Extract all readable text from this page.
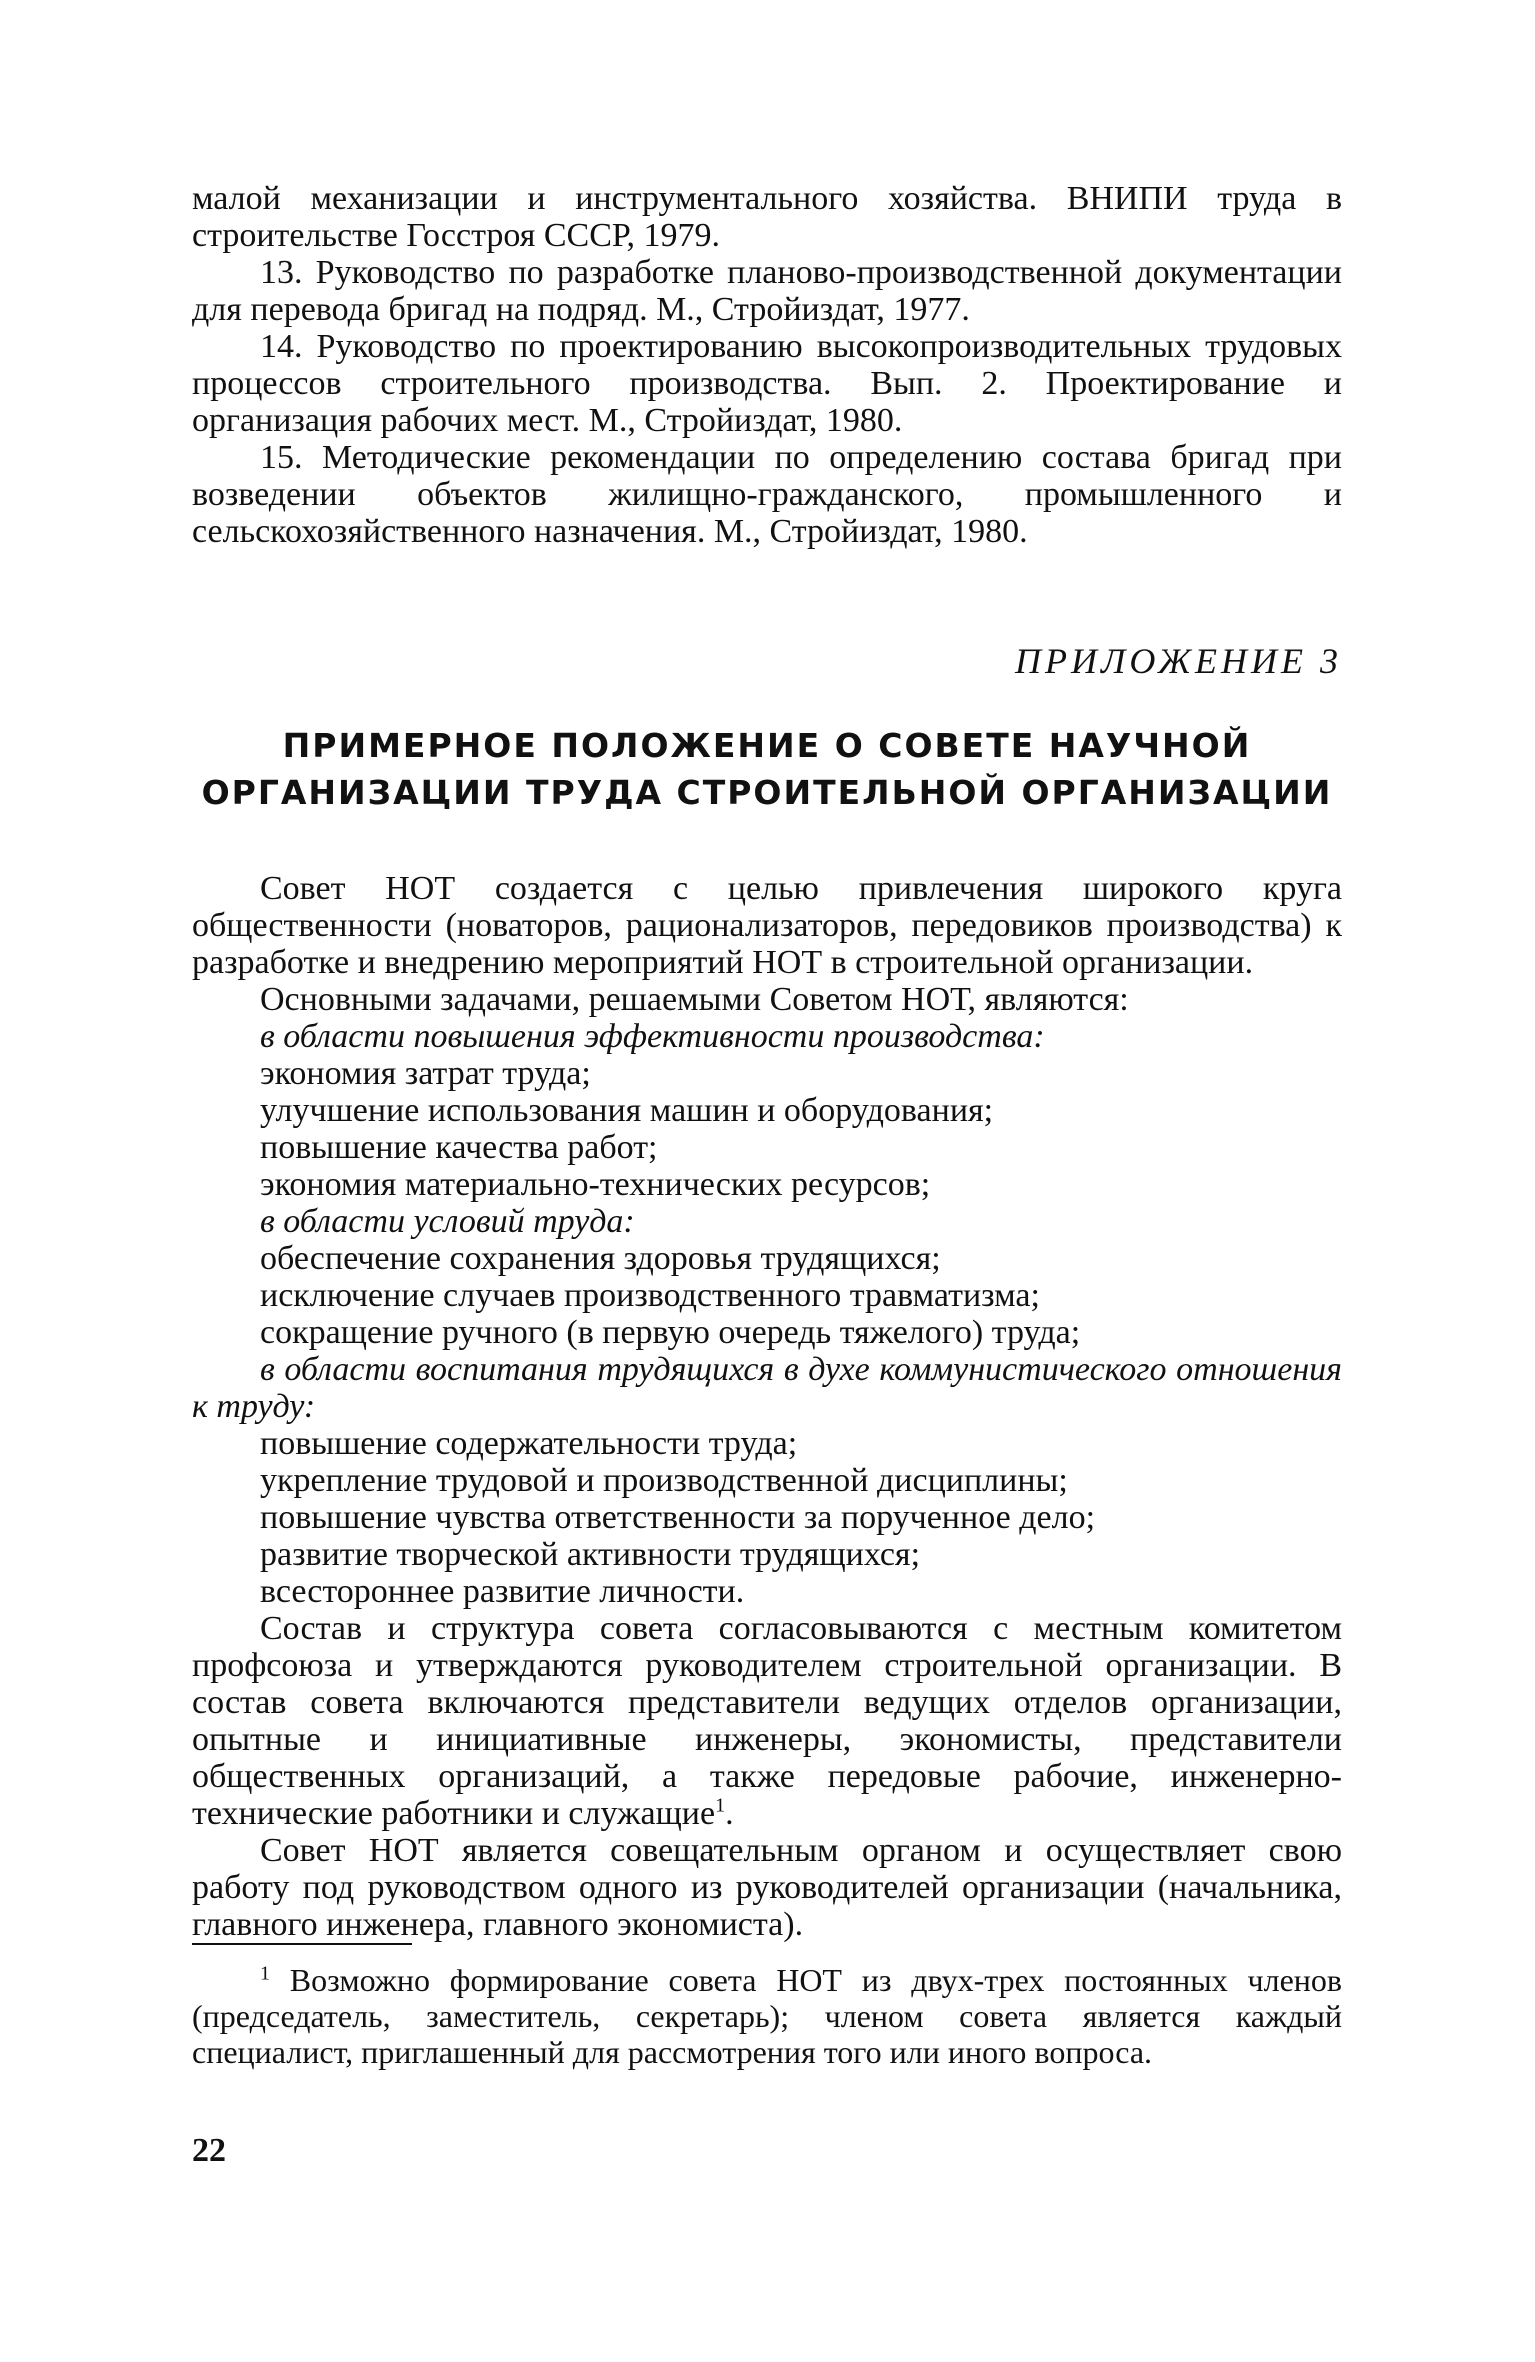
малой механизации и инструментального хозяйства. ВНИПИ труда в строительстве Госстроя СССР, 1979.

13. Руководство по разработке планово-производственной документации для перевода бригад на подряд. М., Стройиздат, 1977.

14. Руководство по проектированию высокопроизводительных трудовых процессов строительного производства. Вып. 2. Проектирование и организация рабочих мест. М., Стройиздат, 1980.

15. Методические рекомендации по определению состава бригад при возведении объектов жилищно-гражданского, промышленного и сельскохозяйственного назначения. М., Стройиздат, 1980.

ПРИЛОЖЕНИЕ 3
ПРИМЕРНОЕ ПОЛОЖЕНИЕ О СОВЕТЕ НАУЧНОЙ
ОРГАНИЗАЦИИ ТРУДА СТРОИТЕЛЬНОЙ ОРГАНИЗАЦИИ

Совет НОТ создается с целью привлечения широкого круга общественности (новаторов, рационализаторов, передовиков производства) к разработке и внедрению мероприятий НОТ в строительной организации.

Основными задачами, решаемыми Советом НОТ, являются:

в области повышения эффективности производства:

экономия затрат труда;

улучшение использования машин и оборудования;

повышение качества работ;

экономия материально-технических ресурсов;

в области условий труда:

обеспечение сохранения здоровья трудящихся;

исключение случаев производственного травматизма;

сокращение ручного (в первую очередь тяжелого) труда;

в области воспитания трудящихся в духе коммунистического отношения к труду:

повышение содержательности труда;

укрепление трудовой и производственной дисциплины;

повышение чувства ответственности за порученное дело;

развитие творческой активности трудящихся;

всестороннее развитие личности.

Состав и структура совета согласовываются с местным комитетом профсоюза и утверждаются руководителем строительной организации. В состав совета включаются представители ведущих отделов организации, опытные и инициативные инженеры, экономисты, представители общественных организаций, а также передовые рабочие, инженерно-технические работники и служащие$^1$.

Совет НОТ является совещательным органом и осуществляет свою работу под руководством одного из руководителей организации (начальника, главного инженера, главного экономиста).

$^1$ Возможно формирование совета НОТ из двух-трех постоянных членов (председатель, заместитель, секретарь); членом совета является каждый специалист, приглашенный для рассмотрения того или иного вопроса.

22
